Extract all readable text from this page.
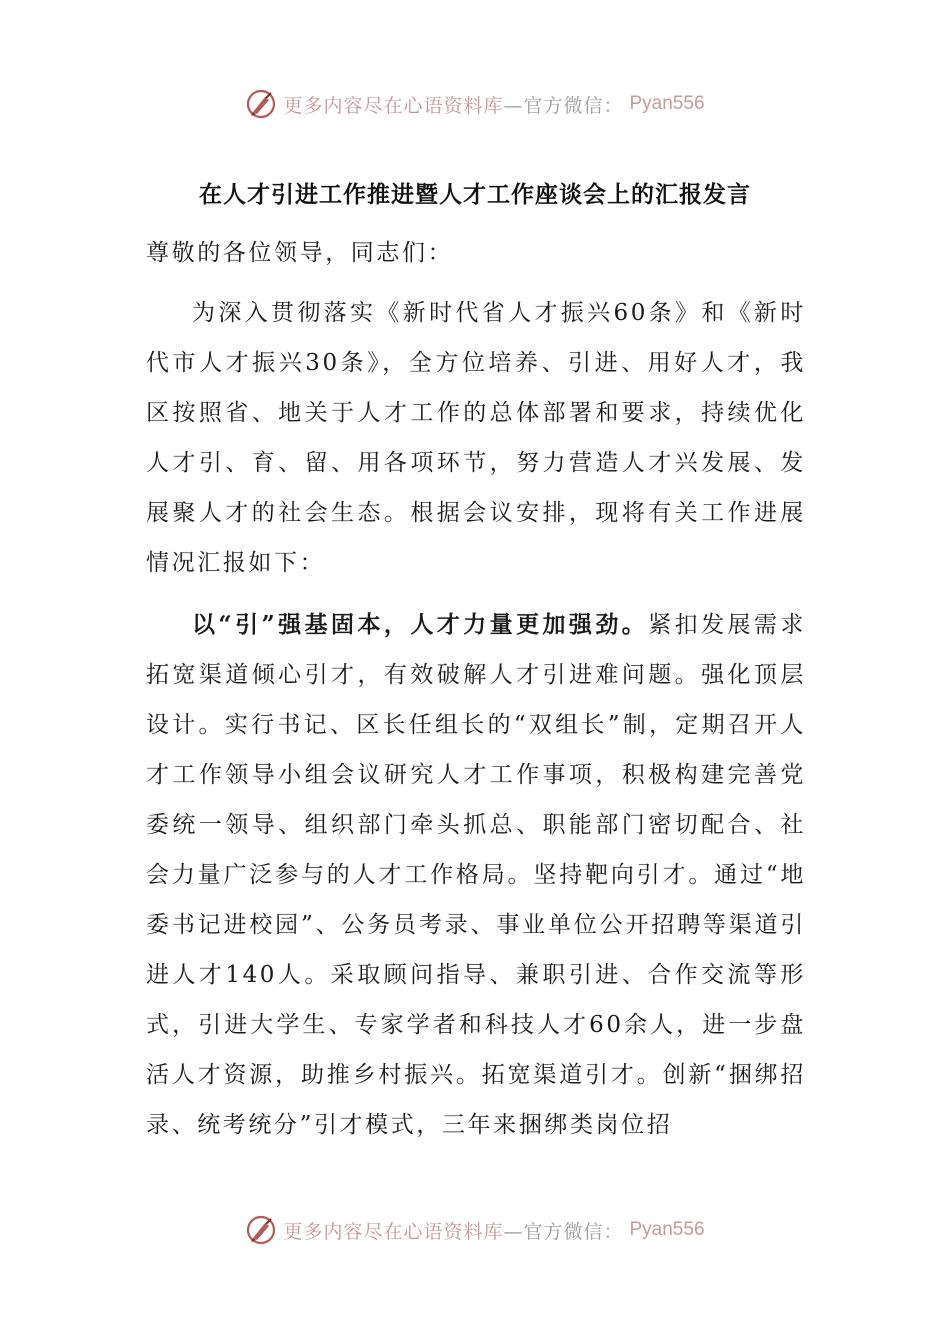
更多内容尽在心语资料库—官方微信： Pyan556
在人才引进工作推进暨人才工作座谈会上的汇报发言

尊敬的各位领导，同志们：

为深入贯彻落实《新时代省人才振兴60条》和《新时代市人才振兴30条》，全方位培养、引进、用好人才，我区按照省、地关于人才工作的总体部署和要求，持续优化人才引、育、留、用各项环节，努力营造人才兴发展、发展聚人才的社会生态。根据会议安排，现将有关工作进展情况汇报如下：

以“引”强基固本，人才力量更加强劲。紧扣发展需求拓宽渠道倾心引才，有效破解人才引进难问题。强化顶层设计。实行书记、区长任组长的“双组长”制，定期召开人才工作领导小组会议研究人才工作事项，积极构建完善党委统一领导、组织部门牵头抓总、职能部门密切配合、社会力量广泛参与的人才工作格局。坚持靶向引才。通过“地委书记进校园”、公务员考录、事业单位公开招聘等渠道引进人才140人。采取顾问指导、兼职引进、合作交流等形式，引进大学生、专家学者和科技人才60余人，进一步盘活人才资源，助推乡村振兴。拓宽渠道引才。创新“捆绑招录、统考统分”引才模式，三年来捆绑类岗位招

更多内容尽在心语资料库—官方微信： Pyan556
